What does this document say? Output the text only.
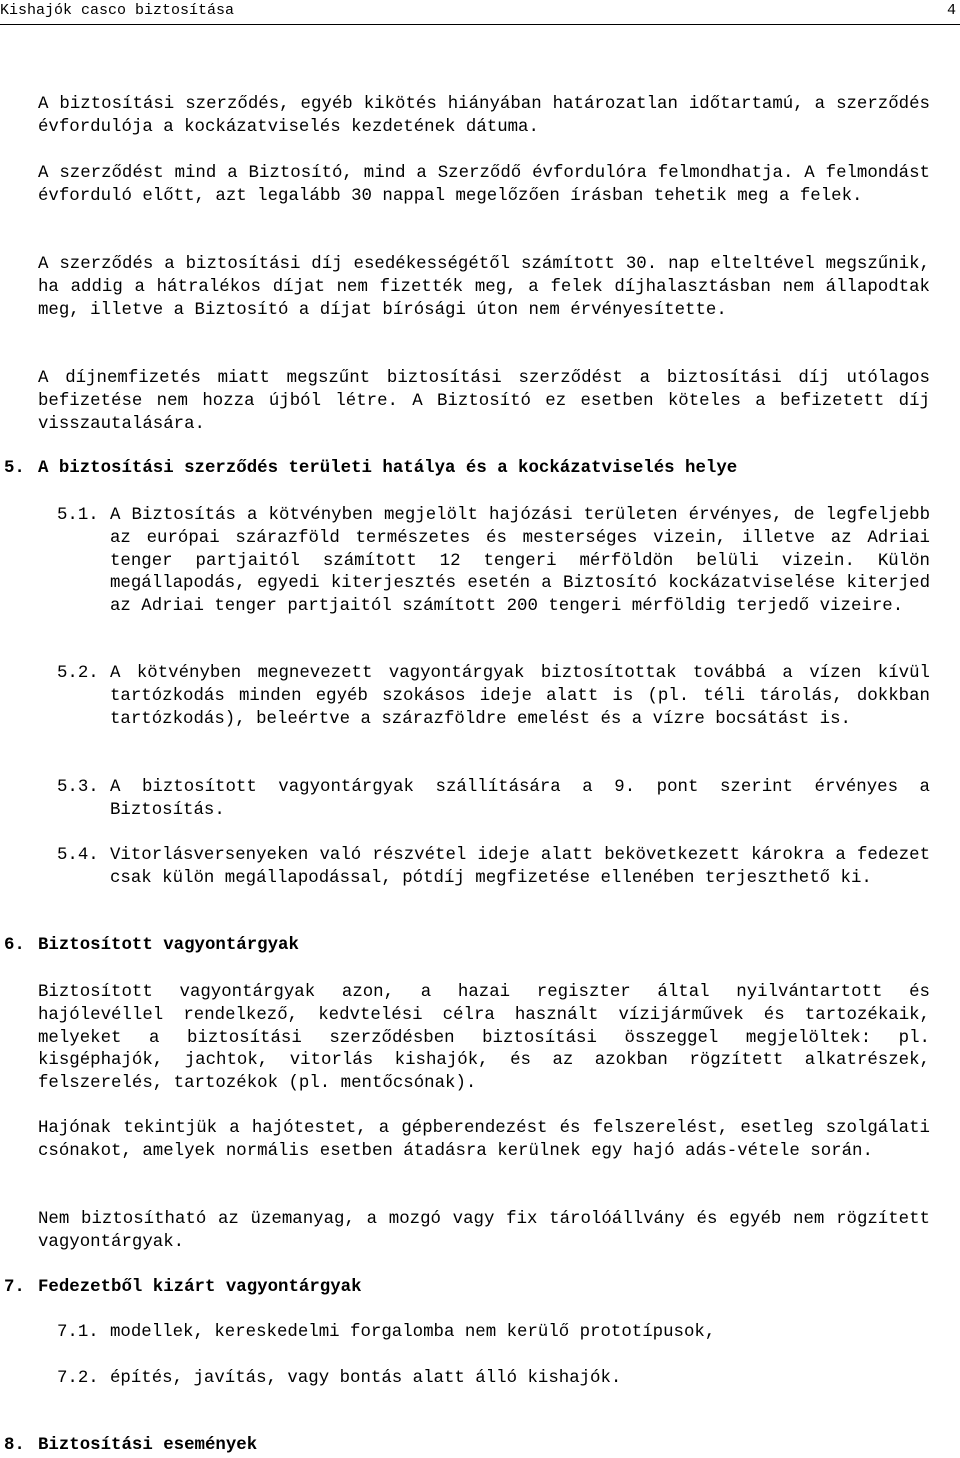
Kishajók casco biztosítása	4
A biztosítási szerződés, egyéb kikötés hiányában határozatlan időtartamú, a szerződés évfordulója a kockázatviselés kezdetének dátuma.
A szerződést mind a Biztosító, mind a Szerződő évfordulóra felmondhatja. A felmondást évforduló előtt, azt legalább 30 nappal megelőzően írásban tehetik meg a felek.
A szerződés a biztosítási díj esedékességétől számított 30. nap elteltével megszűnik, ha addig a hátralékos díjat nem fizették meg, a felek díjhalasztásban nem állapodtak meg, illetve a Biztosító a díjat bírósági úton nem érvényesítette.
A díjnemfizetés miatt megszűnt biztosítási szerződést a biztosítási díj utólagos befizetése nem hozza újból létre. A Biztosító ez esetben köteles a befizetett díj visszautalására.
5. A biztosítási szerződés területi hatálya és a kockázatviselés helye
5.1. A Biztosítás a kötvényben megjelölt hajózási területen érvényes, de legfeljebb az európai szárazföld természetes és mesterséges vizein, illetve az Adriai tenger partjaitól számított 12 tengeri mérföldön belüli vizein. Külön megállapodás, egyedi kiterjesztés esetén a Biztosító kockázatviselése kiterjed az Adriai tenger partjaitól számított 200 tengeri mérföldig terjedő vizeire.
5.2. A kötvényben megnevezett vagyontárgyak biztosítottak továbbá a vízen kívül tartózkodás minden egyéb szokásos ideje alatt is (pl. téli tárolás, dokkban tartózkodás), beleértve a szárazföldre emelést és a vízre bocsátást is.
5.3. A biztosított vagyontárgyak szállítására a 9. pont szerint érvényes a Biztosítás.
5.4. Vitorlásversenyeken való részvétel ideje alatt bekövetkezett károkra a fedezet csak külön megállapodással, pótdíj megfizetése ellenében terjeszthető ki.
6. Biztosított vagyontárgyak
Biztosított vagyontárgyak azon, a hazai regiszter által nyilvántartott és hajólevéllel rendelkező, kedvtelési célra használt vízijárművek és tartozékaik, melyeket a biztosítási szerződésben biztosítási összeggel megjelöltek: pl. kisgéphajók, jachtok, vitorlás kishajók, és az azokban rögzített alkatrészek, felszerelés, tartozékok (pl. mentőcsónak).
Hajónak tekintjük a hajótestet, a gépberendezést és felszerelést, esetleg szolgálati csónakot, amelyek normális esetben átadásra kerülnek egy hajó adás-vétele során.
Nem biztosítható az üzemanyag, a mozgó vagy fix tárolóállvány és egyéb nem rögzített vagyontárgyak.
7. Fedezetből kizárt vagyontárgyak
7.1. modellek, kereskedelmi forgalomba nem kerülő prototípusok,
7.2. építés, javítás, vagy bontás alatt álló kishajók.
8. Biztosítási események
